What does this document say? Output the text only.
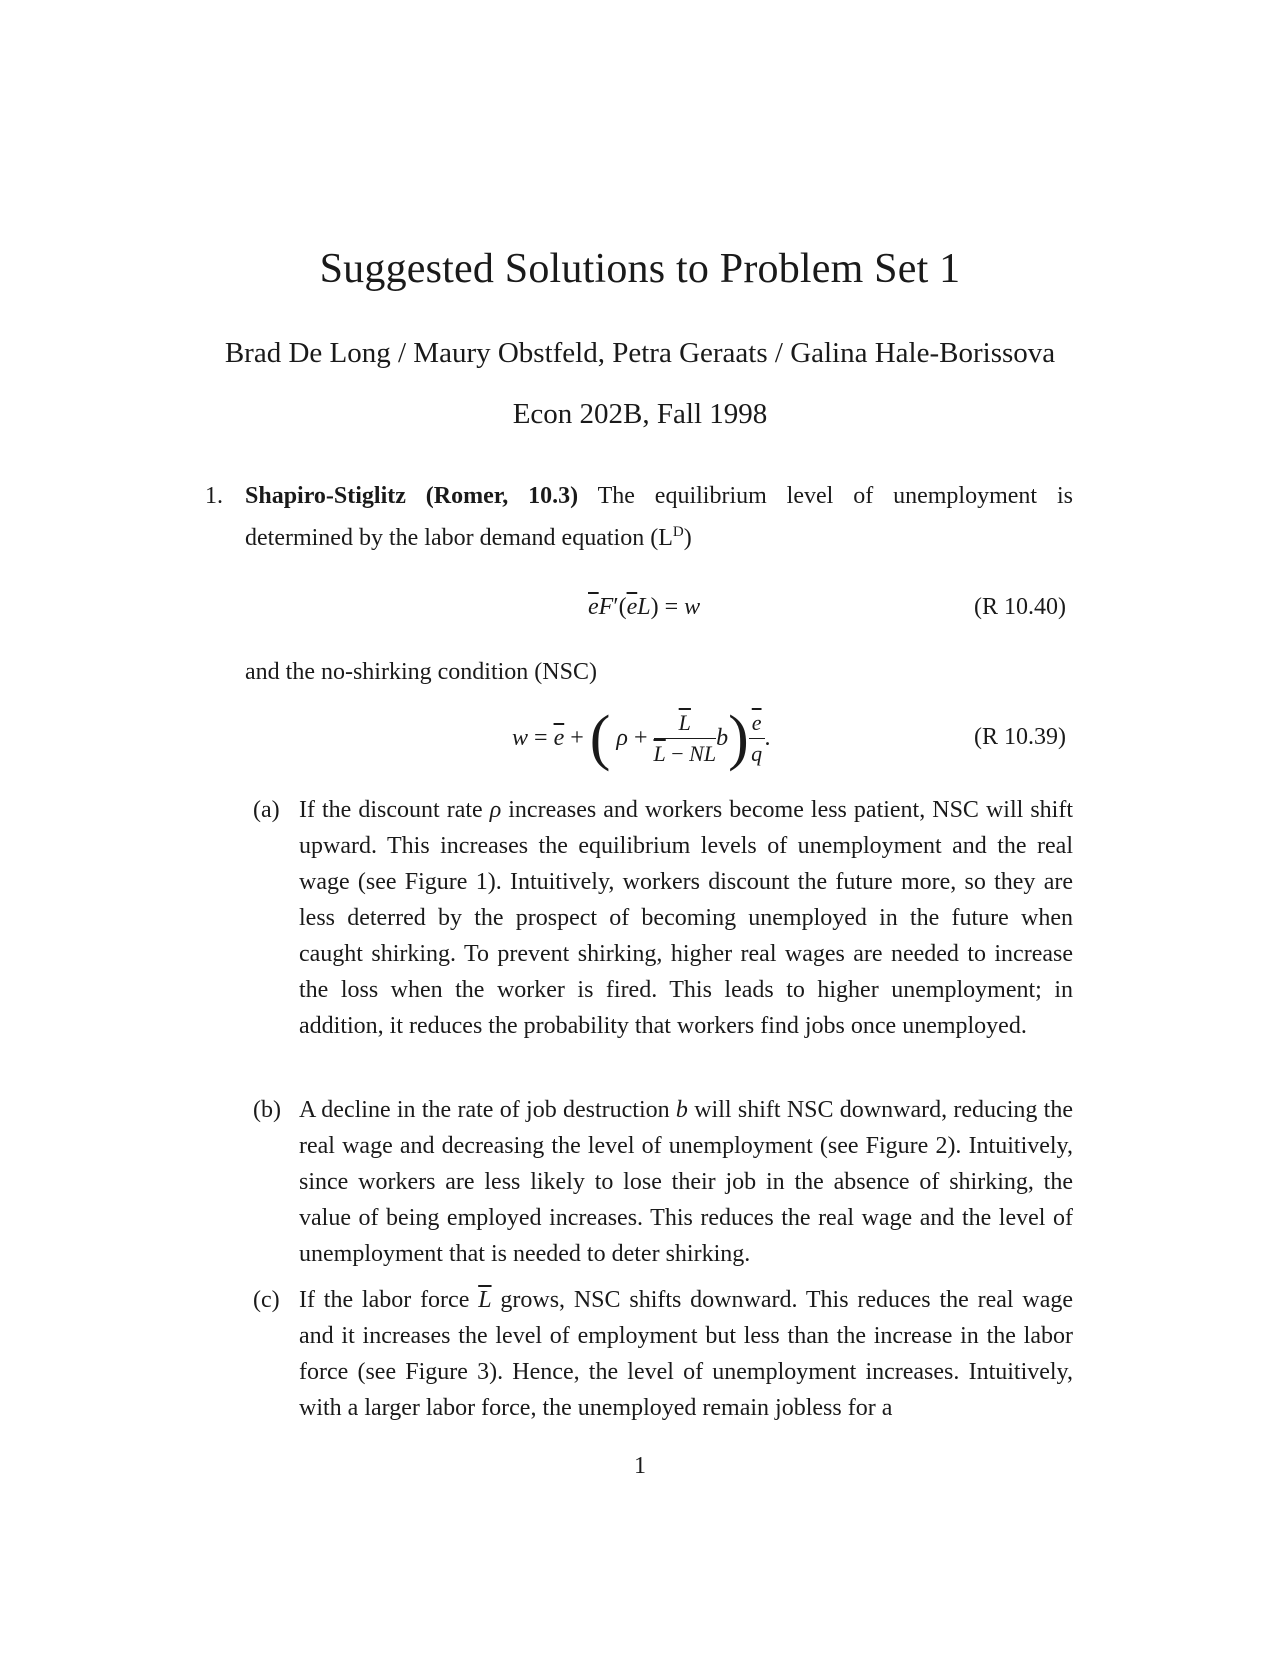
Suggested Solutions to Problem Set 1
Brad De Long / Maury Obstfeld, Petra Geraats / Galina Hale-Borissova
Econ 202B, Fall 1998
1. Shapiro-Stiglitz (Romer, 10.3) The equilibrium level of unemployment is determined by the labor demand equation $(L^D)$
$\overline{e}F'(\overline{e}L) = w$	(R 10.40)
and the no-shirking condition (NSC)
$w = \overline{e}$ + ( $\rho + \frac{\overline{L}}{\overline{L} - NL}$ b ) $\frac{\overline{e}}{q}$ .	(R 10.39)
(a) If the discount rate ρ increases and workers become less patient, NSC will shift upward. This increases the equilibrium levels of unemployment and the real wage (see Figure 1). Intuitively, workers discount the future more, so they are less deterred by the prospect of becoming unemployed in the future when caught shirking. To prevent shirking, higher real wages are needed to increase the loss when the worker is fired. This leads to higher unemployment; in addition, it reduces the probability that workers find jobs once unemployed.
(b) A decline in the rate of job destruction b will shift NSC downward, reducing the real wage and decreasing the level of unemployment (see Figure 2). Intuitively, since workers are less likely to lose their job in the absence of shirking, the value of being employed increases. This reduces the real wage and the level of unemployment that is needed to deter shirking.
(c) If the labor force $\overline{L}$ grows, NSC shifts downward. This reduces the real wage and it increases the level of employment but less than the increase in the labor force (see Figure 3). Hence, the level of unemployment increases. Intuitively, with a larger labor force, the unemployed remain jobless for a
1
